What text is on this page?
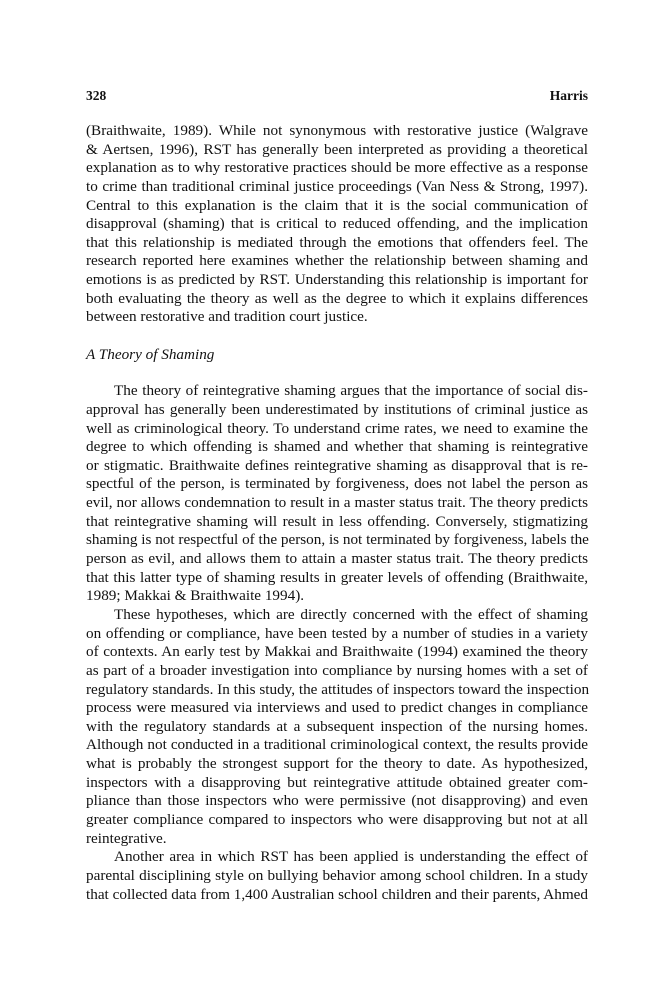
328	Harris
(Braithwaite, 1989). While not synonymous with restorative justice (Walgrave
& Aertsen, 1996), RST has generally been interpreted as providing a theoretical
explanation as to why restorative practices should be more effective as a response
to crime than traditional criminal justice proceedings (Van Ness & Strong, 1997).
Central to this explanation is the claim that it is the social communication of
disapproval (shaming) that is critical to reduced offending, and the implication
that this relationship is mediated through the emotions that offenders feel. The
research reported here examines whether the relationship between shaming and
emotions is as predicted by RST. Understanding this relationship is important for
both evaluating the theory as well as the degree to which it explains differences
between restorative and tradition court justice.
A Theory of Shaming
The theory of reintegrative shaming argues that the importance of social dis-
approval has generally been underestimated by institutions of criminal justice as
well as criminological theory. To understand crime rates, we need to examine the
degree to which offending is shamed and whether that shaming is reintegrative
or stigmatic. Braithwaite defines reintegrative shaming as disapproval that is re-
spectful of the person, is terminated by forgiveness, does not label the person as
evil, nor allows condemnation to result in a master status trait. The theory predicts
that reintegrative shaming will result in less offending. Conversely, stigmatizing
shaming is not respectful of the person, is not terminated by forgiveness, labels the
person as evil, and allows them to attain a master status trait. The theory predicts
that this latter type of shaming results in greater levels of offending (Braithwaite,
1989; Makkai & Braithwaite 1994).
These hypotheses, which are directly concerned with the effect of shaming
on offending or compliance, have been tested by a number of studies in a variety
of contexts. An early test by Makkai and Braithwaite (1994) examined the theory
as part of a broader investigation into compliance by nursing homes with a set of
regulatory standards. In this study, the attitudes of inspectors toward the inspection
process were measured via interviews and used to predict changes in compliance
with the regulatory standards at a subsequent inspection of the nursing homes.
Although not conducted in a traditional criminological context, the results provide
what is probably the strongest support for the theory to date. As hypothesized,
inspectors with a disapproving but reintegrative attitude obtained greater com-
pliance than those inspectors who were permissive (not disapproving) and even
greater compliance compared to inspectors who were disapproving but not at all
reintegrative.
Another area in which RST has been applied is understanding the effect of
parental disciplining style on bullying behavior among school children. In a study
that collected data from 1,400 Australian school children and their parents, Ahmed
